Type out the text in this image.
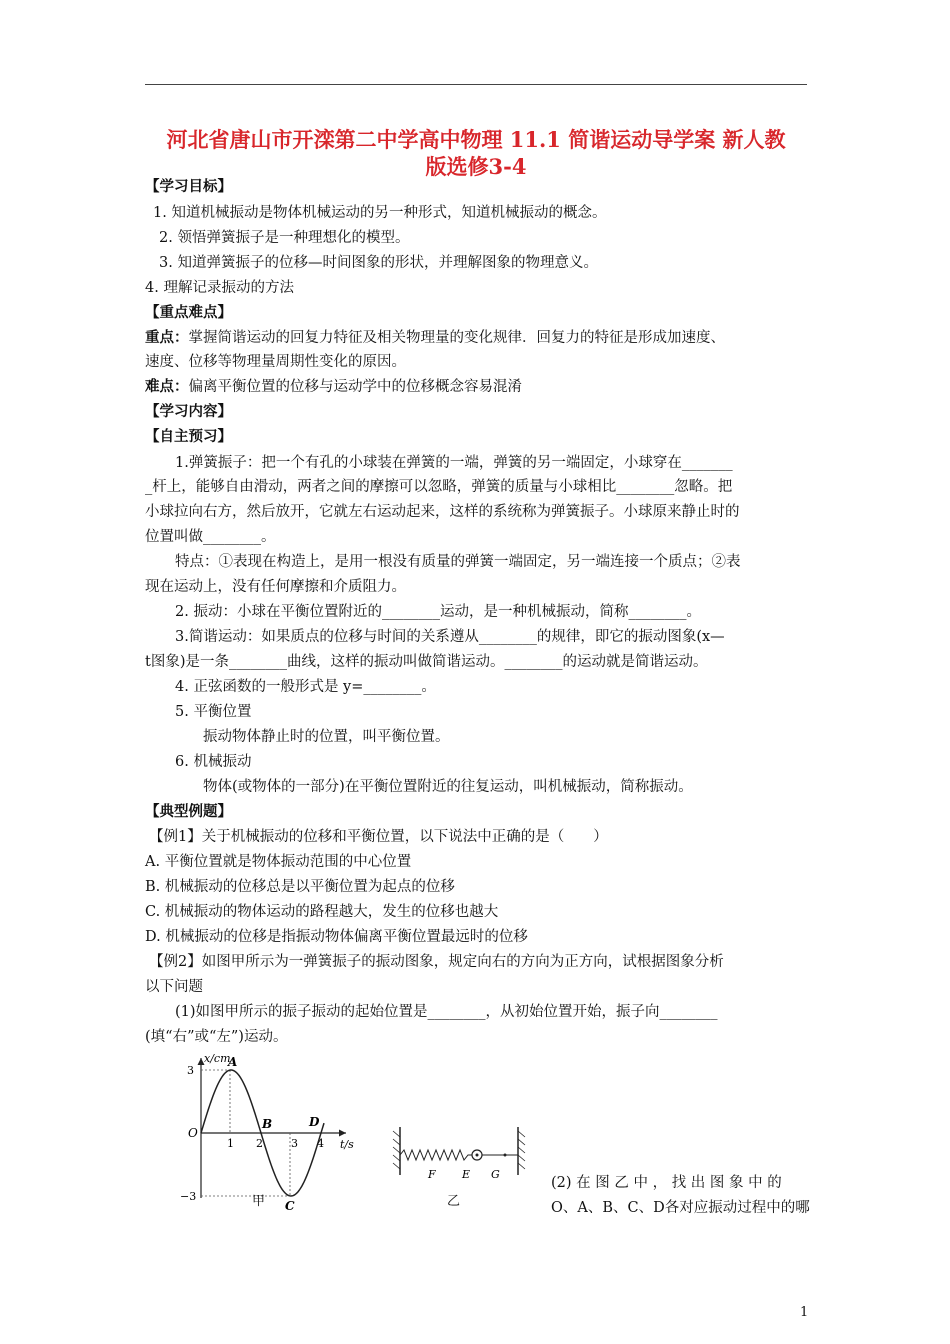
河北省唐山市开滦第二中学高中物理 11.1 简谐运动导学案 新人教
版选修3-4
【学习目标】
1. 知道机械振动是物体机械运动的另一种形式，知道机械振动的概念。
2. 领悟弹簧振子是一种理想化的模型。
3. 知道弹簧振子的位移—时间图象的形状，并理解图象的物理意义。
4. 理解记录振动的方法
【重点难点】
重点：掌握简谐运动的回复力特征及相关物理量的变化规律．回复力的特征是形成加速度、
速度、位移等物理量周期性变化的原因。
难点：偏离平衡位置的位移与运动学中的位移概念容易混淆
【学习内容】
【自主预习】
1.弹簧振子：把一个有孔的小球装在弹簧的一端，弹簧的另一端固定，小球穿在_______
_杆上，能够自由滑动，两者之间的摩擦可以忽略，弹簧的质量与小球相比________忽略。把
小球拉向右方，然后放开，它就左右运动起来，这样的系统称为弹簧振子。小球原来静止时的
位置叫做________。
特点：①表现在构造上，是用一根没有质量的弹簧一端固定，另一端连接一个质点；②表
现在运动上，没有任何摩擦和介质阻力。
2. 振动：小球在平衡位置附近的________运动，是一种机械振动，简称________。
3.简谐运动：如果质点的位移与时间的关系遵从________的规律，即它的振动图象(x—
t图象)是一条________曲线，这样的振动叫做简谐运动。________的运动就是简谐运动。
4. 正弦函数的一般形式是 y=________。
5. 平衡位置
振动物体静止时的位置，叫平衡位置。
6. 机械振动
物体(或物体的一部分)在平衡位置附近的往复运动，叫机械振动，简称振动。
【典型例题】
【例1】关于机械振动的位移和平衡位置，以下说法中正确的是（　　）
A. 平衡位置就是物体振动范围的中心位置
B. 机械振动的位移总是以平衡位置为起点的位移
C. 机械振动的物体运动的路程越大，发生的位移也越大
D. 机械振动的位移是指振动物体偏离平衡位置最远时的位移
【例2】如图甲所示为一弹簧振子的振动图象，规定向右的方向为正方向，试根据图象分析
以下问题
(1)如图甲所示的振子振动的起始位置是________，从初始位置开始，振子向________
(填“右”或“左”)运动。
(2) 在 图 乙 中 ， 找 出 图 象 中 的
O、A、B、C、D各对应振动过程中的哪
x/cm
t/s
O
3
−3
1 2	3 4
A
B
C
D
甲
F E G
乙
1
